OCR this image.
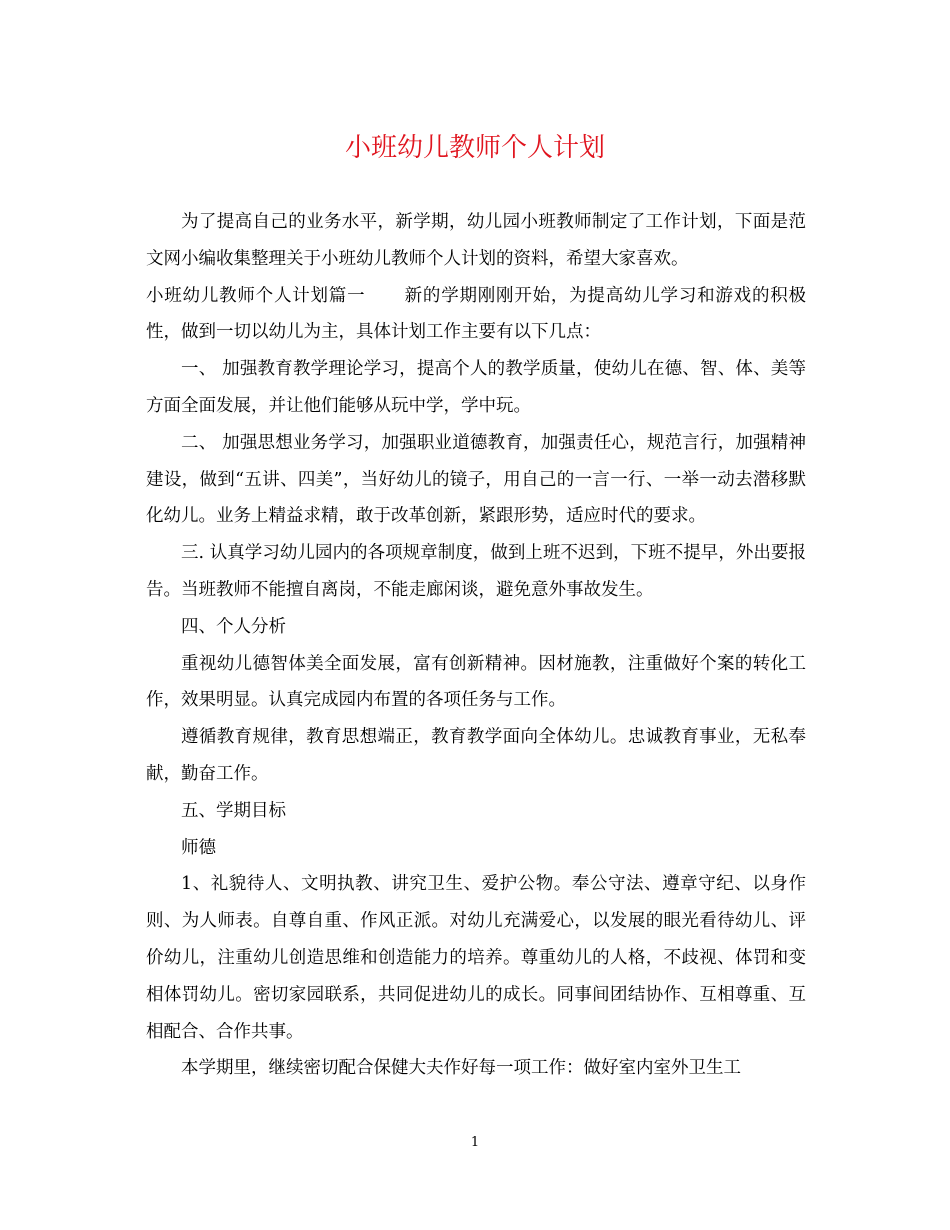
小班幼儿教师个人计划

为了提高自己的业务水平，新学期，幼儿园小班教师制定了工作计划，下面是范文网小编收集整理关于小班幼儿教师个人计划的资料，希望大家喜欢。

小班幼儿教师个人计划篇一 新的学期刚刚开始，为提高幼儿学习和游戏的积极性，做到一切以幼儿为主，具体计划工作主要有以下几点：

一、 加强教育教学理论学习，提高个人的教学质量，使幼儿在德、智、体、美等方面全面发展，并让他们能够从玩中学，学中玩。

二、 加强思想业务学习，加强职业道德教育，加强责任心，规范言行，加强精神建设，做到“五讲、四美”，当好幼儿的镜子，用自己的一言一行、一举一动去潜移默化幼儿。业务上精益求精，敢于改革创新，紧跟形势，适应时代的要求。

三. 认真学习幼儿园内的各项规章制度，做到上班不迟到，下班不提早，外出要报告。当班教师不能擅自离岗，不能走廊闲谈，避免意外事故发生。

四、个人分析

重视幼儿德智体美全面发展，富有创新精神。因材施教，注重做好个案的转化工作，效果明显。认真完成园内布置的各项任务与工作。

遵循教育规律，教育思想端正，教育教学面向全体幼儿。忠诚教育事业，无私奉献，勤奋工作。

五、学期目标

师德

1、礼貌待人、文明执教、讲究卫生、爱护公物。奉公守法、遵章守纪、以身作则、为人师表。自尊自重、作风正派。对幼儿充满爱心，以发展的眼光看待幼儿、评价幼儿，注重幼儿创造思维和创造能力的培养。尊重幼儿的人格，不歧视、体罚和变相体罚幼儿。密切家园联系，共同促进幼儿的成长。同事间团结协作、互相尊重、互相配合、合作共事。

本学期里，继续密切配合保健大夫作好每一项工作：做好室内室外卫生工

1
